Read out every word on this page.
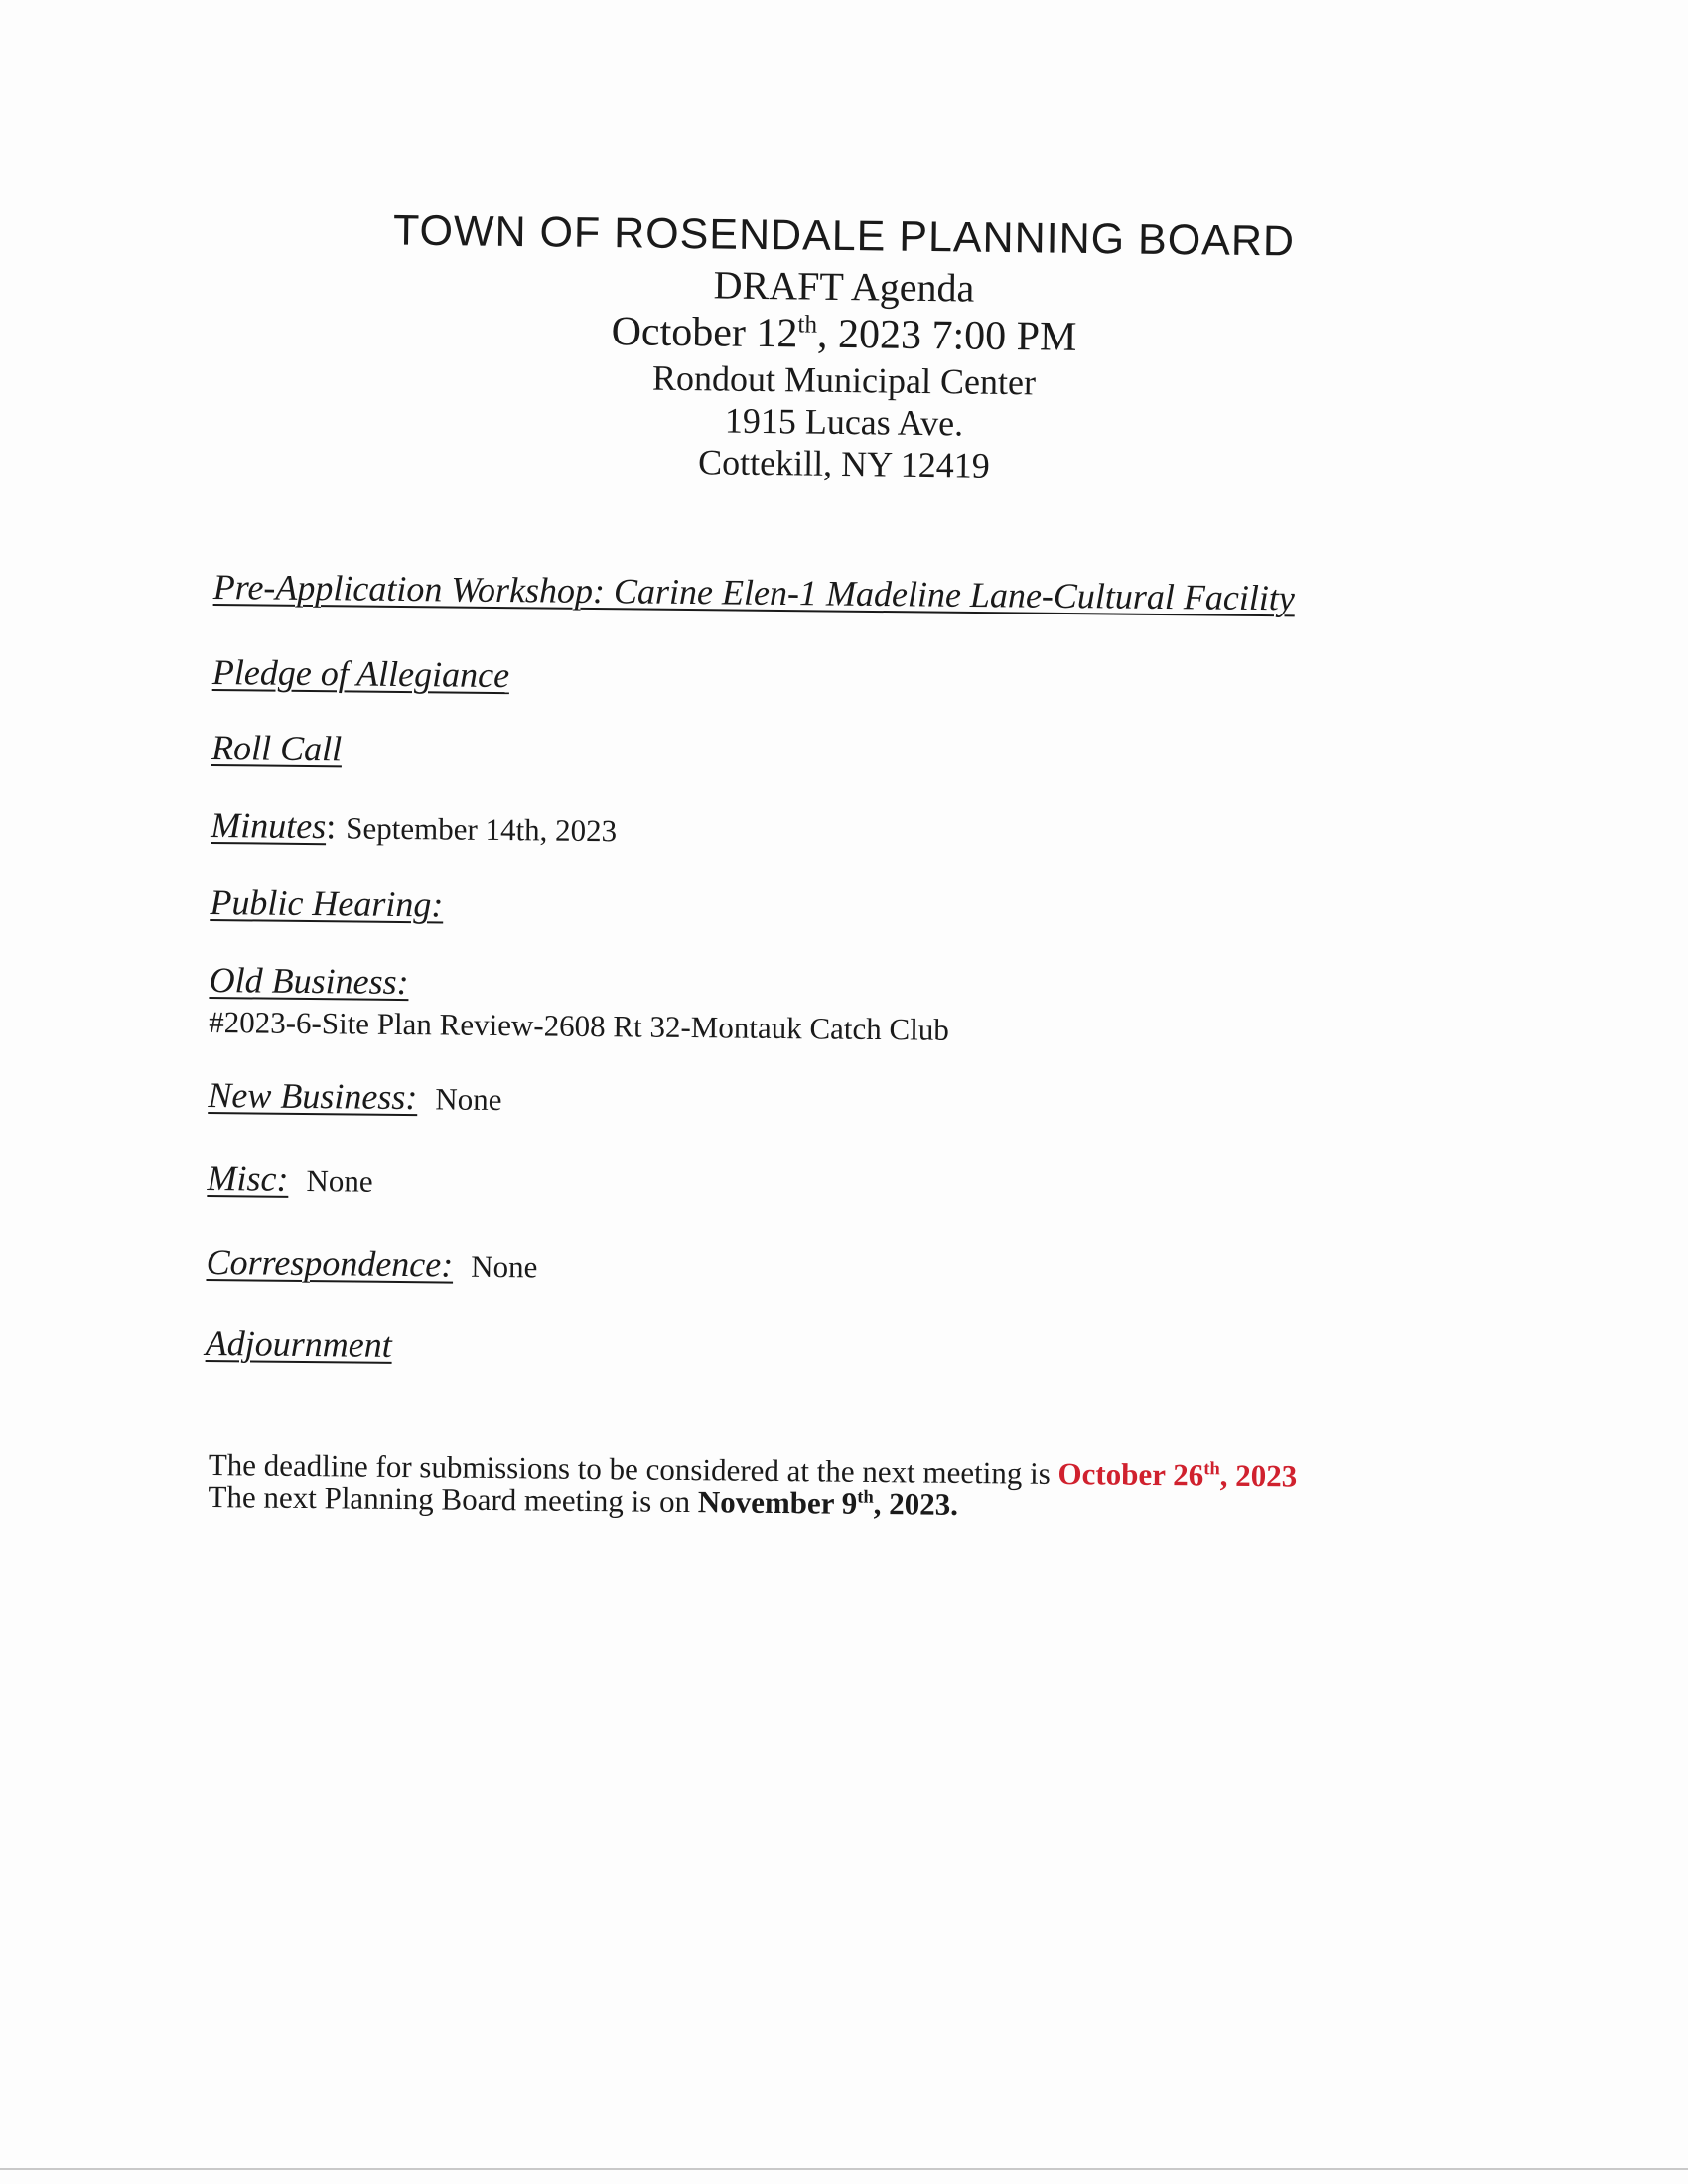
TOWN OF ROSENDALE PLANNING BOARD
DRAFT Agenda
October 12th, 2023 7:00 PM
Rondout Municipal Center
1915 Lucas Ave.
Cottekill, NY 12419
Pre-Application Workshop: Carine Elen-1 Madeline Lane-Cultural Facility
Pledge of Allegiance
Roll Call
Minutes: September 14th, 2023
Public Hearing:
Old Business:
#2023-6-Site Plan Review-2608 Rt 32-Montauk Catch Club
New Business: None
Misc: None
Correspondence: None
Adjournment
The deadline for submissions to be considered at the next meeting is October 26th, 2023
The next Planning Board meeting is on November 9th, 2023.
